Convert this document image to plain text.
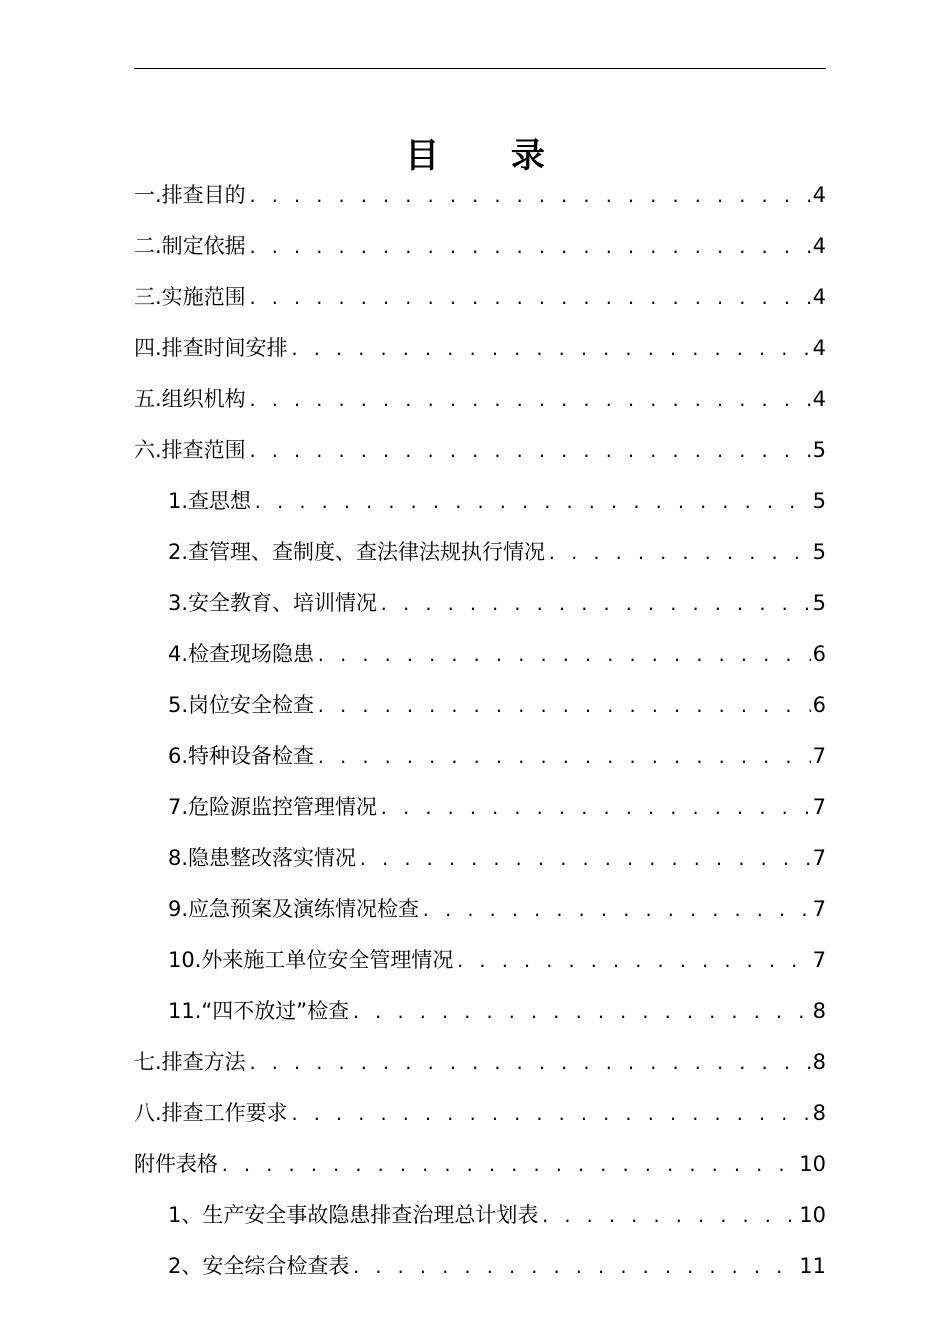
目 录
一.排查目的 . . .	4
二.制定依据 . . .	4
三.实施范围 . . .	4
四.排查时间安排 . . .	4
五.组织机构 . . .	4
六.排查范围 . . .	5
1.查思想 . . .	5
2.查管理、查制度、查法律法规执行情况 . . .	5
3.安全教育、培训情况 . . .	5
4.检查现场隐患 . . .	6
5.岗位安全检查 . . .	6
6.特种设备检查 . . .	7
7.危险源监控管理情况 . . .	7
8.隐患整改落实情况 . . .	7
9.应急预案及演练情况检查 . . .	7
10.外来施工单位安全管理情况 . . .	7
11.“四不放过”检查 . . .	8
七.排查方法 . . .	8
八.排查工作要求 . . .	8
附件表格 . . .	10
1、生产安全事故隐患排查治理总计划表 . . .	10
2、安全综合检查表 . . .	11
